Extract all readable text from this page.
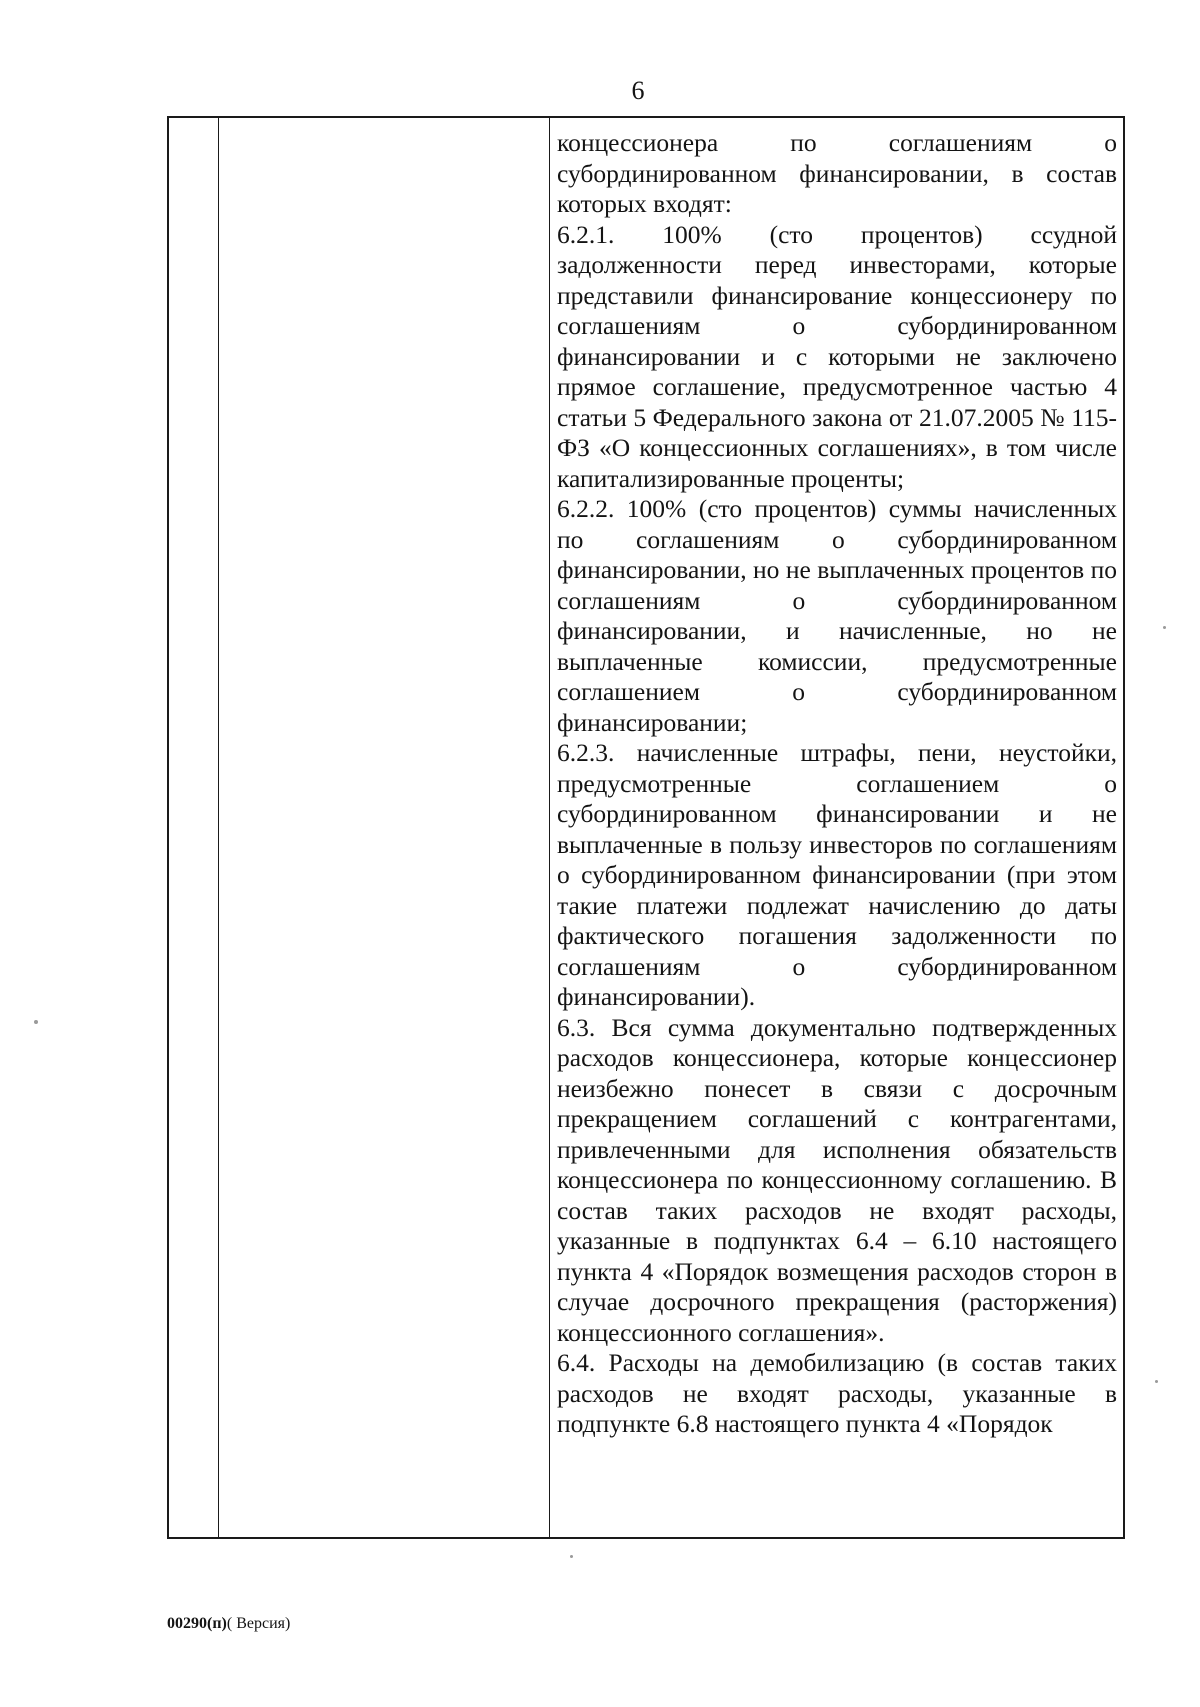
6

концессионера по соглашениям о субординированном финансировании, в состав которых входят:

6.2.1. 100% (сто процентов) ссудной задолженности перед инвесторами, которые представили финансирование концессионеру по соглашениям о субординированном финансировании и с которыми не заключено прямое соглашение, предусмотренное частью 4 статьи 5 Федерального закона от 21.07.2005 № 115-ФЗ «О концессионных соглашениях», в том числе капитализированные проценты;

6.2.2. 100% (сто процентов) суммы начисленных по соглашениям о субординированном финансировании, но не выплаченных процентов по соглашениям о субординированном финансировании, и начисленные, но не выплаченные комиссии, предусмотренные соглашением о субординированном финансировании;

6.2.3. начисленные штрафы, пени, неустойки, предусмотренные соглашением о субординированном финансировании и не выплаченные в пользу инвесторов по соглашениям о субординированном финансировании (при этом такие платежи подлежат начислению до даты фактического погашения задолженности по соглашениям о субординированном финансировании).

6.3. Вся сумма документально подтвержденных расходов концессионера, которые концессионер неизбежно понесет в связи с досрочным прекращением соглашений с контрагентами, привлеченными для исполнения обязательств концессионера по концессионному соглашению. В состав таких расходов не входят расходы, указанные в подпунктах 6.4 – 6.10 настоящего пункта 4 «Порядок возмещения расходов сторон в случае досрочного прекращения (расторжения) концессионного соглашения».

6.4. Расходы на демобилизацию (в состав таких расходов не входят расходы, указанные в подпункте 6.8 настоящего пункта 4 «Порядок

00290(п)( Версия)
